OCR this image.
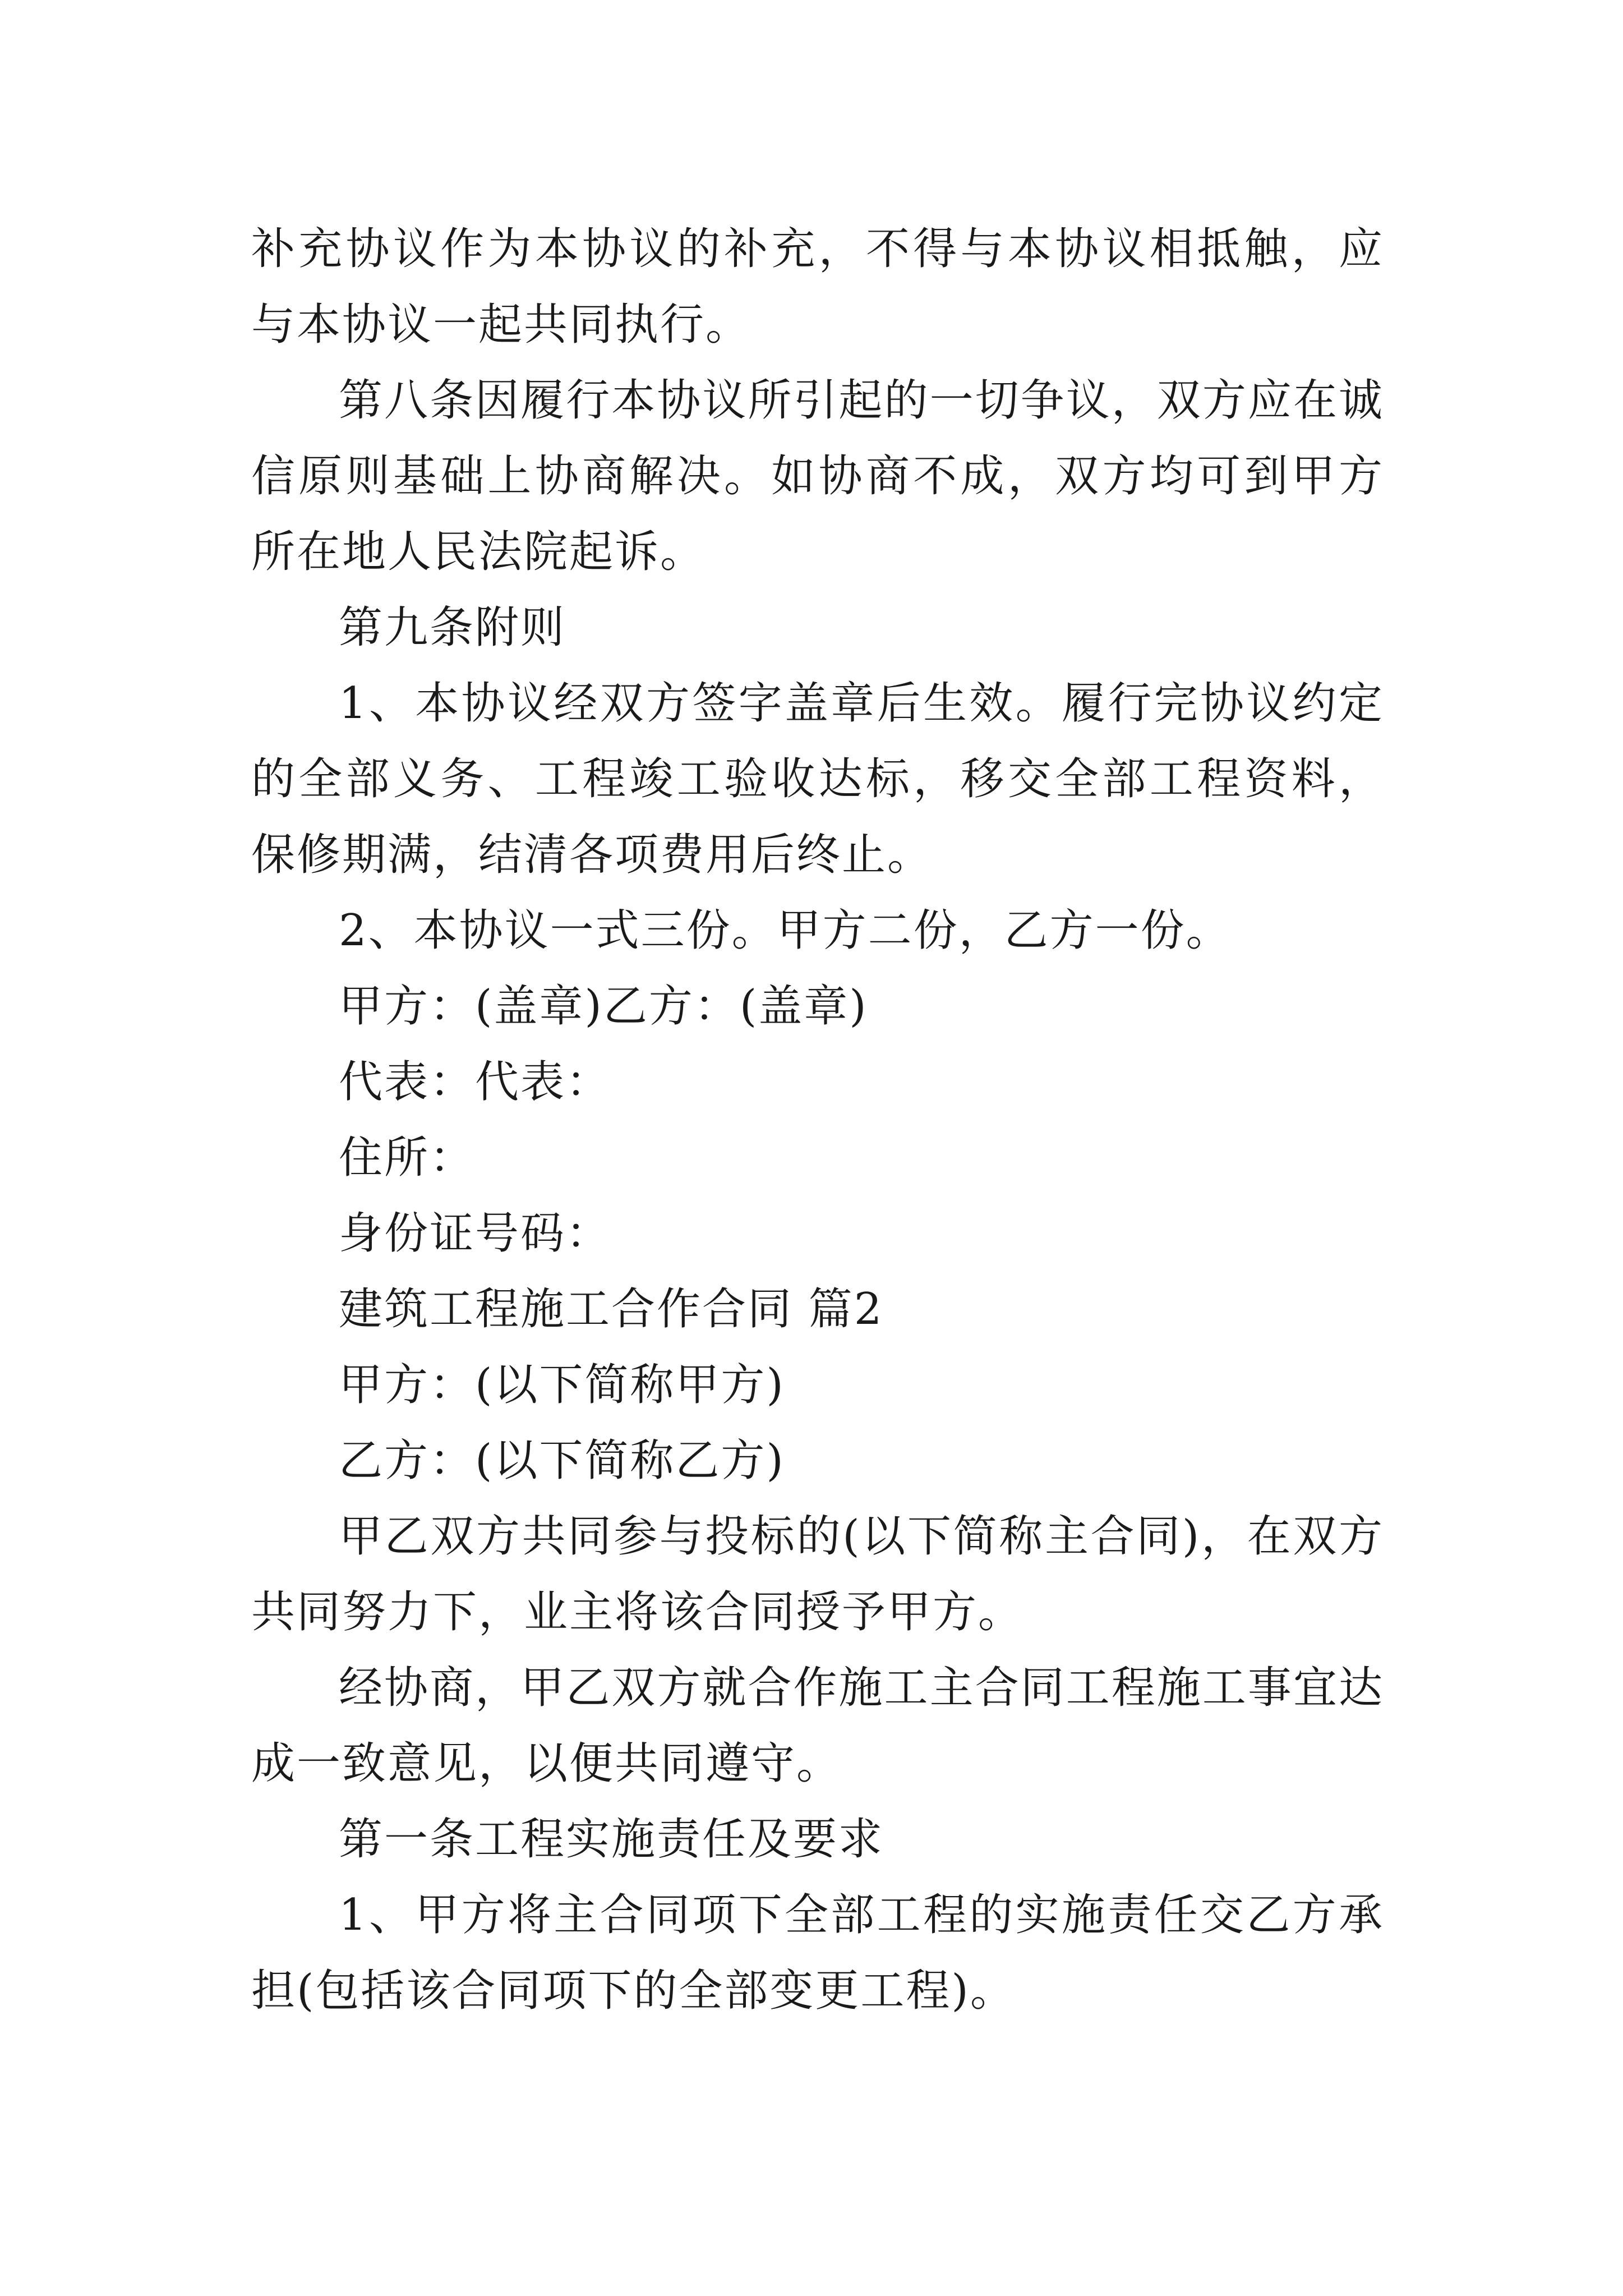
补充协议作为本协议的补充，不得与本协议相抵触，应与本协议一起共同执行。

第八条因履行本协议所引起的一切争议，双方应在诚信原则基础上协商解决。如协商不成，双方均可到甲方所在地人民法院起诉。

第九条附则

1、本协议经双方签字盖章后生效。履行完协议约定的全部义务、工程竣工验收达标，移交全部工程资料，保修期满，结清各项费用后终止。

2、本协议一式三份。甲方二份，乙方一份。

甲方：(盖章)乙方：(盖章)

代表：代表：

住所：

身份证号码：

建筑工程施工合作合同 篇2

甲方：(以下简称甲方)

乙方：(以下简称乙方)

甲乙双方共同参与投标的(以下简称主合同)，在双方共同努力下，业主将该合同授予甲方。

经协商，甲乙双方就合作施工主合同工程施工事宜达成一致意见，以便共同遵守。

第一条工程实施责任及要求

1、甲方将主合同项下全部工程的实施责任交乙方承担(包括该合同项下的全部变更工程)。
